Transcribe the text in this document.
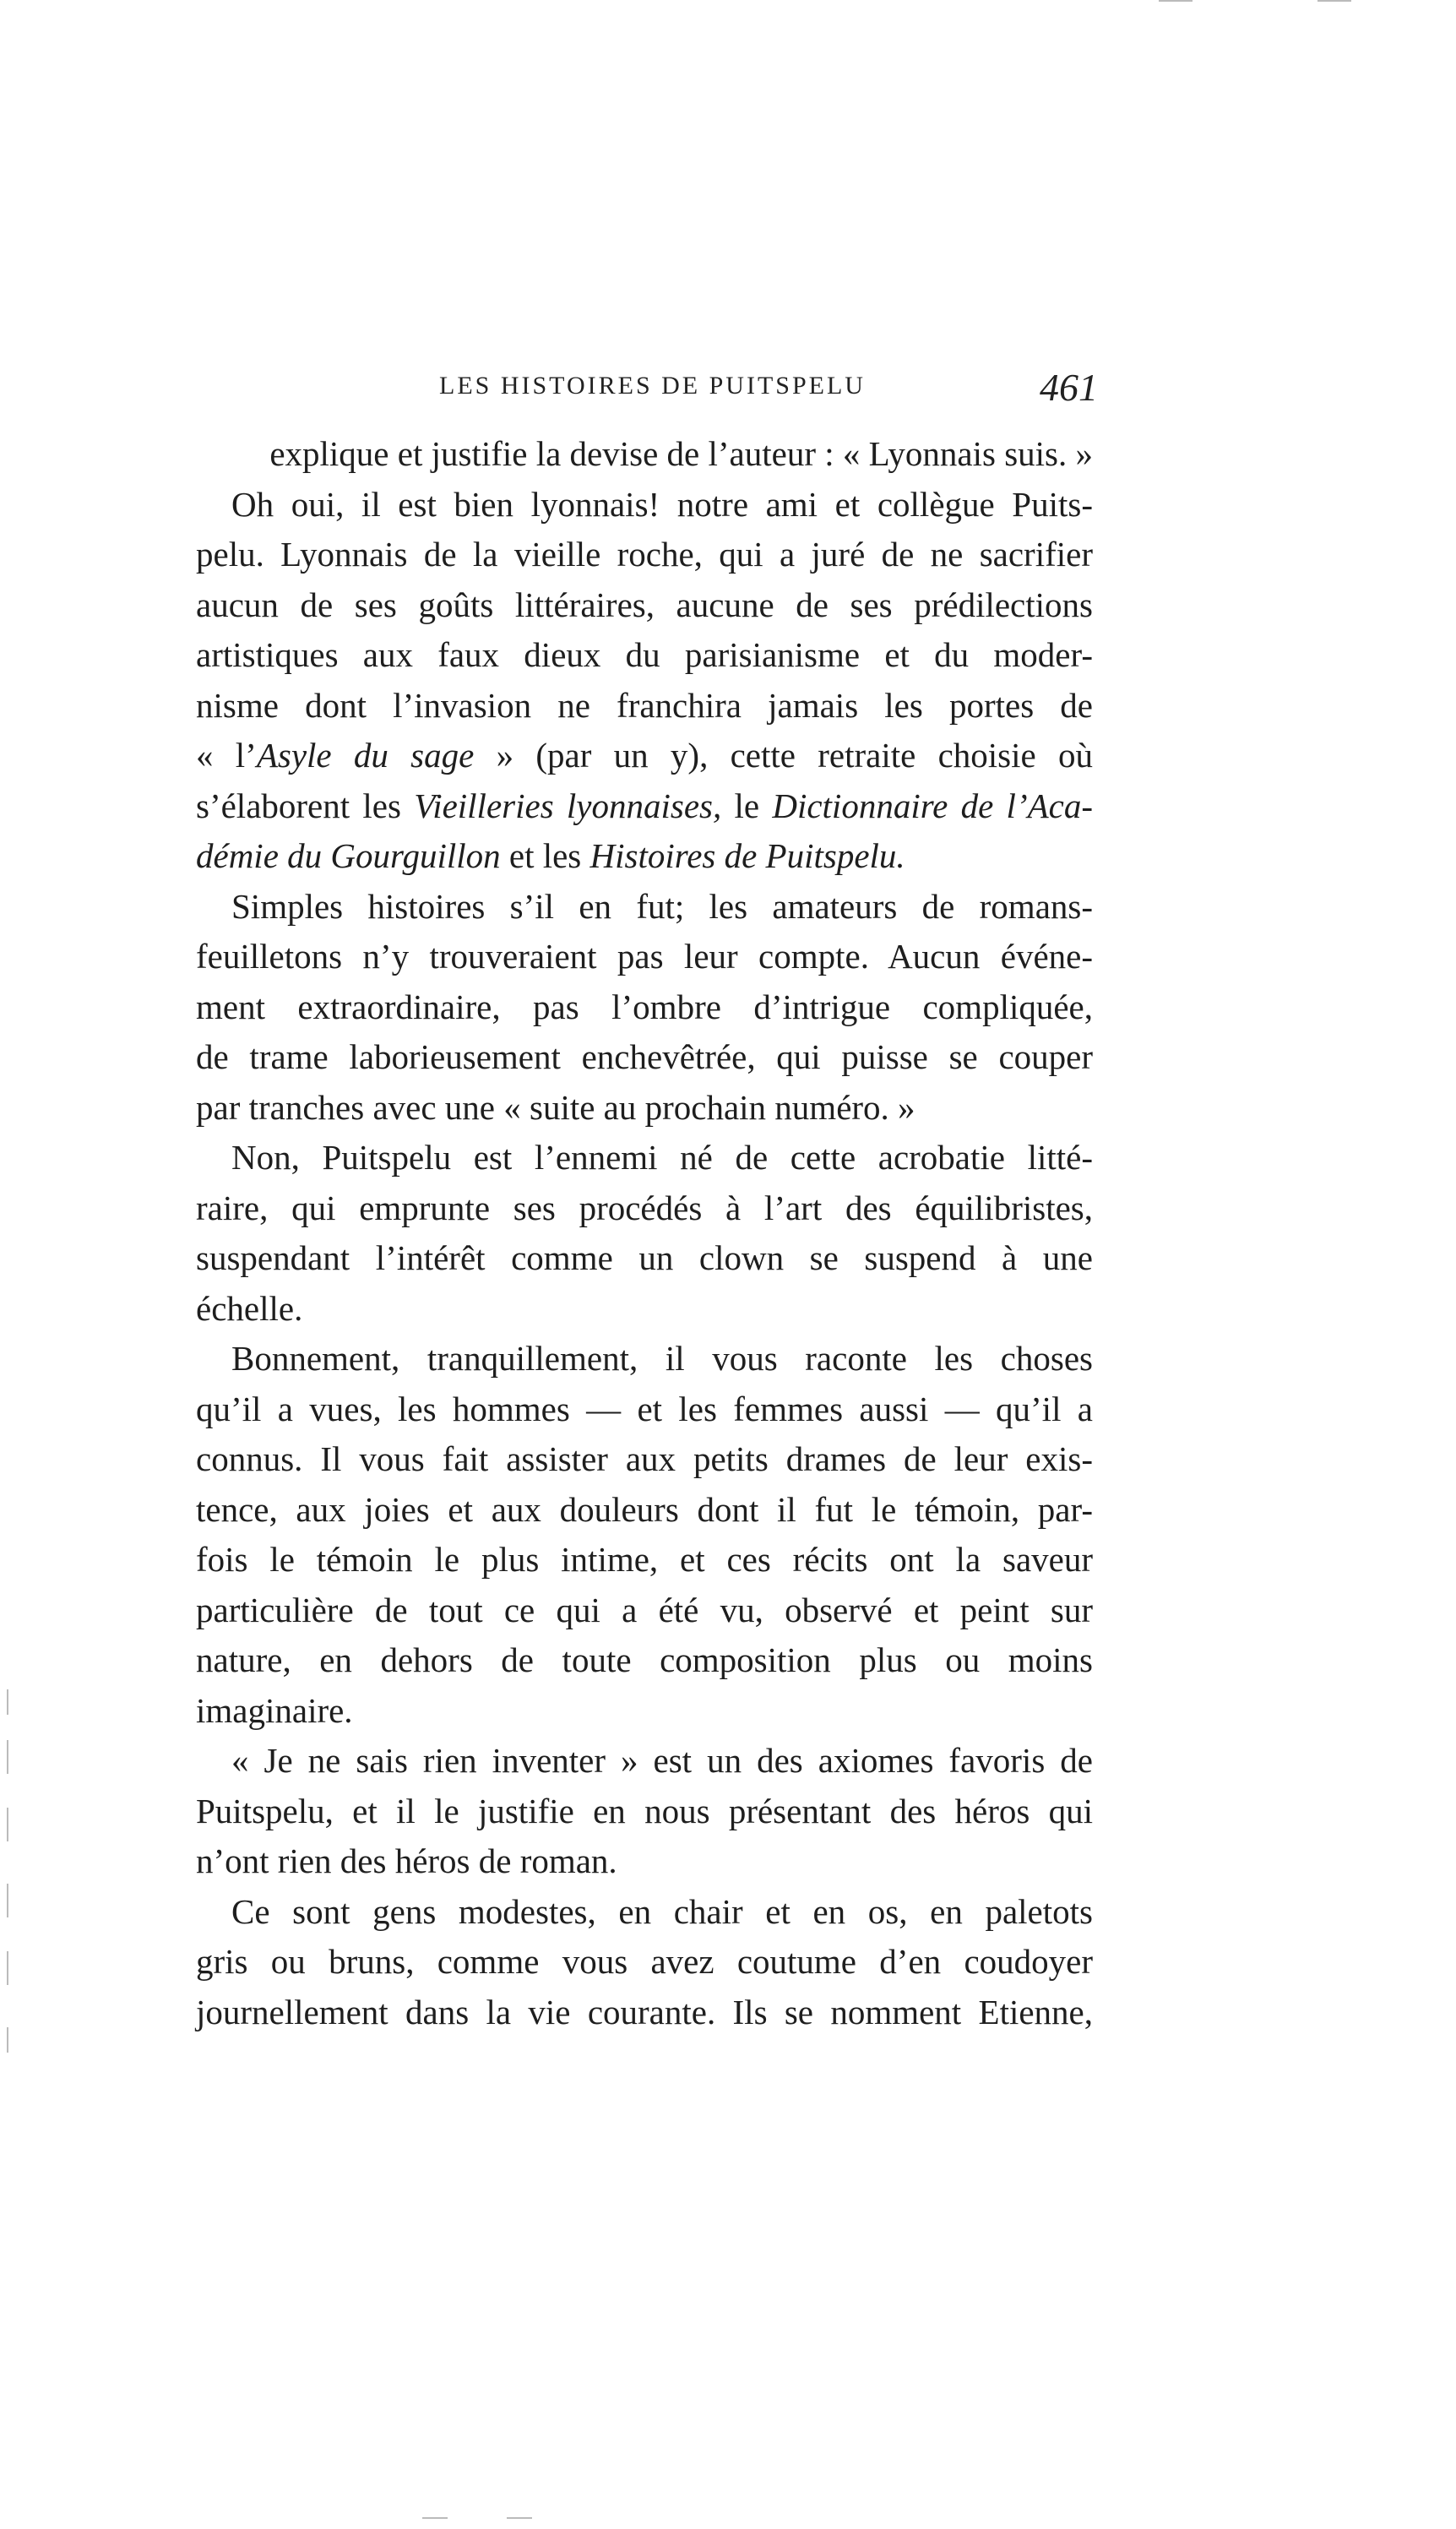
LES HISTOIRES DE PUITSPELU	461
explique et justifie la devise de l’auteur : « Lyonnais suis. »
Oh oui, il est bien lyonnais! notre ami et collègue Puits-
pelu. Lyonnais de la vieille roche, qui a juré de ne sacrifier
aucun de ses goûts littéraires, aucune de ses prédilections
artistiques aux faux dieux du parisianisme et du moder-
nisme dont l’invasion ne franchira jamais les portes de
« l’Asyle du sage » (par un y), cette retraite choisie où
s’élaborent les Vieilleries lyonnaises, le Dictionnaire de l’Aca-
démie du Gourguillon et les Histoires de Puitspelu.
Simples histoires s’il en fut; les amateurs de romans-
feuilletons n’y trouveraient pas leur compte. Aucun événe-
ment extraordinaire, pas l’ombre d’intrigue compliquée,
de trame laborieusement enchevêtrée, qui puisse se couper
par tranches avec une « suite au prochain numéro. »
Non, Puitspelu est l’ennemi né de cette acrobatie litté-
raire, qui emprunte ses procédés à l’art des équilibristes,
suspendant l’intérêt comme un clown se suspend à une
échelle.
Bonnement, tranquillement, il vous raconte les choses
qu’il a vues, les hommes — et les femmes aussi — qu’il a
connus. Il vous fait assister aux petits drames de leur exis-
tence, aux joies et aux douleurs dont il fut le témoin, par-
fois le témoin le plus intime, et ces récits ont la saveur
particulière de tout ce qui a été vu, observé et peint sur
nature, en dehors de toute composition plus ou moins
imaginaire.
« Je ne sais rien inventer » est un des axiomes favoris de
Puitspelu, et il le justifie en nous présentant des héros qui
n’ont rien des héros de roman.
Ce sont gens modestes, en chair et en os, en paletots
gris ou bruns, comme vous avez coutume d’en coudoyer
journellement dans la vie courante. Ils se nomment Etienne,
